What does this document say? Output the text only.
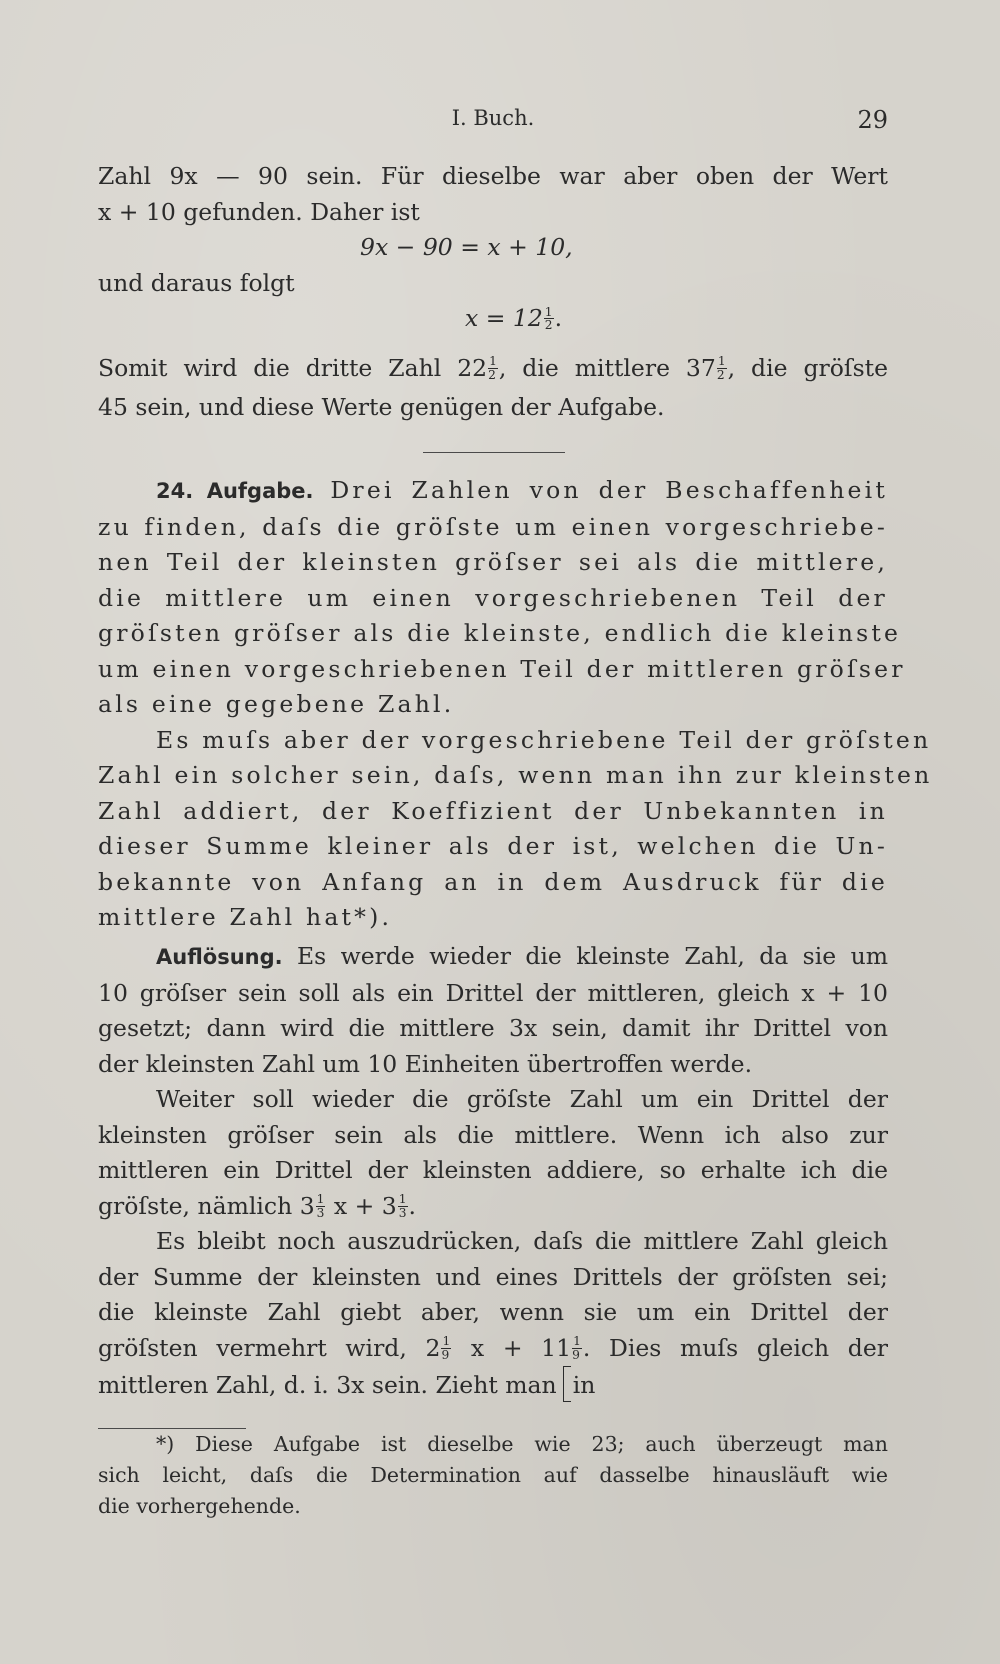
I. Buch.	29
Zahl 9x — 90 sein. Für dieselbe war aber oben der Wert
x + 10 gefunden. Daher ist
9x − 90 = x + 10,
und daraus folgt
$x = 12 \frac{1}{2}$ .
Somit wird die dritte Zahl $22 \frac{1}{2}$ , die mittlere $37 \frac{1}{2}$ , die gröſste
45 sein, und diese Werte genügen der Aufgabe.
24. Aufgabe. Drei Zahlen von der Beschaffenheit
zu finden, daſs die gröſste um einen vorgeschriebe-
nen Teil der kleinsten gröſser sei als die mittlere,
die mittlere um einen vorgeschriebenen Teil der
gröſsten gröſser als die kleinste, endlich die kleinste
um einen vorgeschriebenen Teil der mittleren gröſser
als eine gegebene Zahl.
Es muſs aber der vorgeschriebene Teil der gröſsten
Zahl ein solcher sein, daſs, wenn man ihn zur kleinsten
Zahl addiert, der Koeffizient der Unbekannten in
dieser Summe kleiner als der ist, welchen die Un-
bekannte von Anfang an in dem Ausdruck für die
mittlere Zahl hat*).
Auflösung. Es werde wieder die kleinste Zahl, da sie um
10 gröſser sein soll als ein Drittel der mittleren, gleich x + 10
gesetzt; dann wird die mittlere 3x sein, damit ihr Drittel von
der kleinsten Zahl um 10 Einheiten übertroffen werde.
Weiter soll wieder die gröſste Zahl um ein Drittel der
kleinsten gröſser sein als die mittlere. Wenn ich also zur
mittleren ein Drittel der kleinsten addiere, so erhalte ich die
gröſste, nämlich $3 \frac{1}{3}$ $x + 3 \frac{1}{3}$ .
Es bleibt noch auszudrücken, daſs die mittlere Zahl gleich
der Summe der kleinsten und eines Drittels der gröſsten sei;
die kleinste Zahl giebt aber, wenn sie um ein Drittel der
gröſsten vermehrt wird, $2 \frac{1}{9}$ $x + 11 \frac{1}{9}$ . Dies muſs gleich der
mittleren Zahl, d. i. 3x sein. Zieht man in
*) Diese Aufgabe ist dieselbe wie 23; auch überzeugt man
sich leicht, daſs die Determination auf dasselbe hinausläuft wie
die vorhergehende.
